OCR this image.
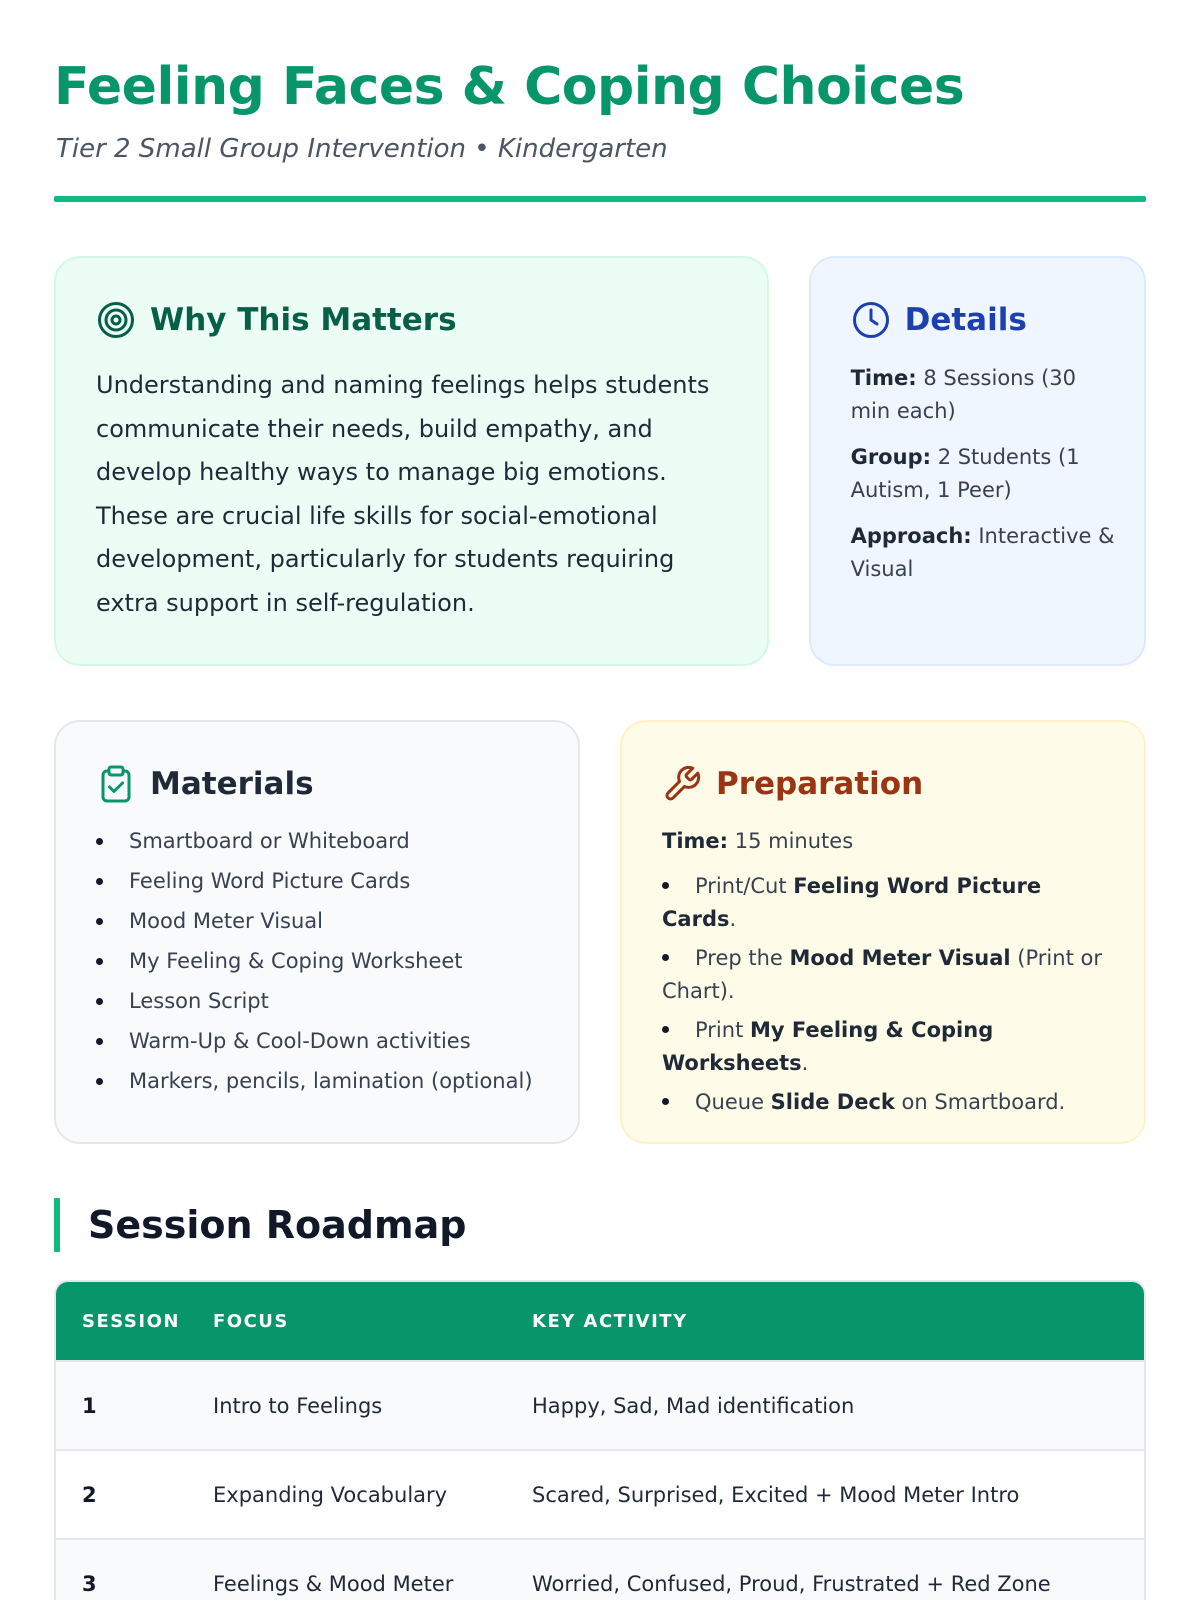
Feeling Faces & Coping Choices
Tier 2 Small Group Intervention • Kindergarten
Why This Matters

Understanding and naming feelings helps students communicate their needs, build empathy, and develop healthy ways to manage big emotions. These are crucial life skills for social-emotional development, particularly for students requiring extra support in self-regulation.

Details

Time: 8 Sessions (30 min each)

Group: 2 Students (1 Autism, 1 Peer)

Approach: Interactive & Visual

Materials
Smartboard or Whiteboard
Feeling Word Picture Cards
Mood Meter Visual
My Feeling & Coping Worksheet
Lesson Script
Warm-Up & Cool-Down activities
Markers, pencils, lamination (optional)
Preparation

Time: 15 minutes

Print/Cut Feeling Word Picture Cards.
Prep the Mood Meter Visual (Print or Chart).
Print My Feeling & Coping Worksheets.
Queue Slide Deck on Smartboard.
Session Roadmap
SESSION	FOCUS	KEY ACTIVITY
1	Intro to Feelings	Happy, Sad, Mad identification
2	Expanding Vocabulary	Scared, Surprised, Excited + Mood Meter Intro
3	Feelings & Mood Meter	Worried, Confused, Proud, Frustrated + Red Zone
